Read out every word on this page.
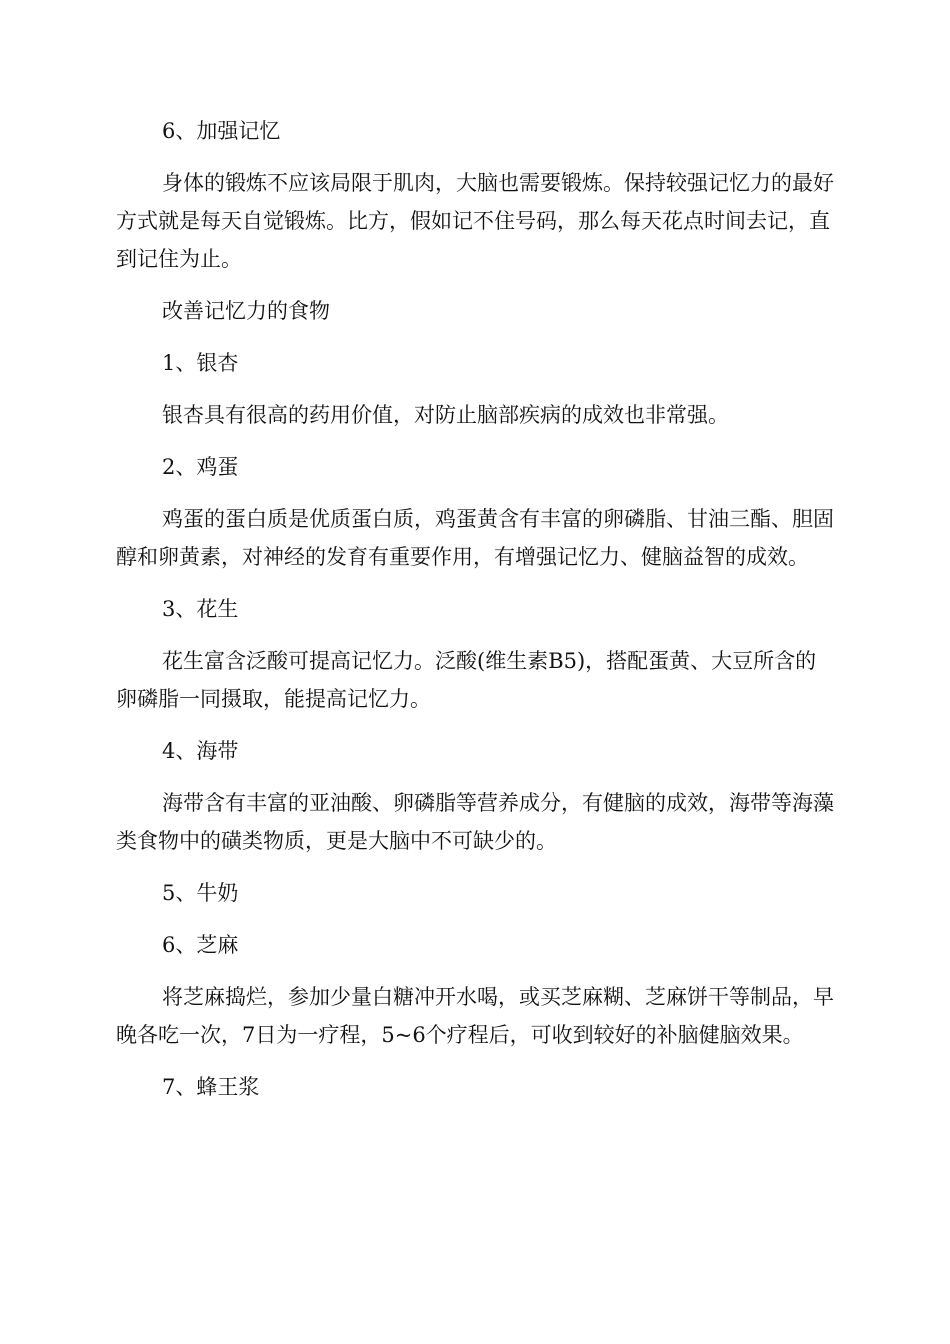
6、加强记忆

身体的锻炼不应该局限于肌肉，大脑也需要锻炼。保持较强记忆力的最好方式就是每天自觉锻炼。比方，假如记不住号码，那么每天花点时间去记，直到记住为止。

改善记忆力的食物

1、银杏

银杏具有很高的药用价值，对防止脑部疾病的成效也非常强。

2、鸡蛋

鸡蛋的蛋白质是优质蛋白质，鸡蛋黄含有丰富的卵磷脂、甘油三酯、胆固醇和卵黄素，对神经的发育有重要作用，有增强记忆力、健脑益智的成效。

3、花生

花生富含泛酸可提高记忆力。泛酸(维生素B5)，搭配蛋黄、大豆所含的卵磷脂一同摄取，能提高记忆力。

4、海带

海带含有丰富的亚油酸、卵磷脂等营养成分，有健脑的成效，海带等海藻类食物中的磺类物质，更是大脑中不可缺少的。

5、牛奶

6、芝麻

将芝麻捣烂，参加少量白糖冲开水喝，或买芝麻糊、芝麻饼干等制品，早晚各吃一次，7日为一疗程，5~6个疗程后，可收到较好的补脑健脑效果。

7、蜂王浆
